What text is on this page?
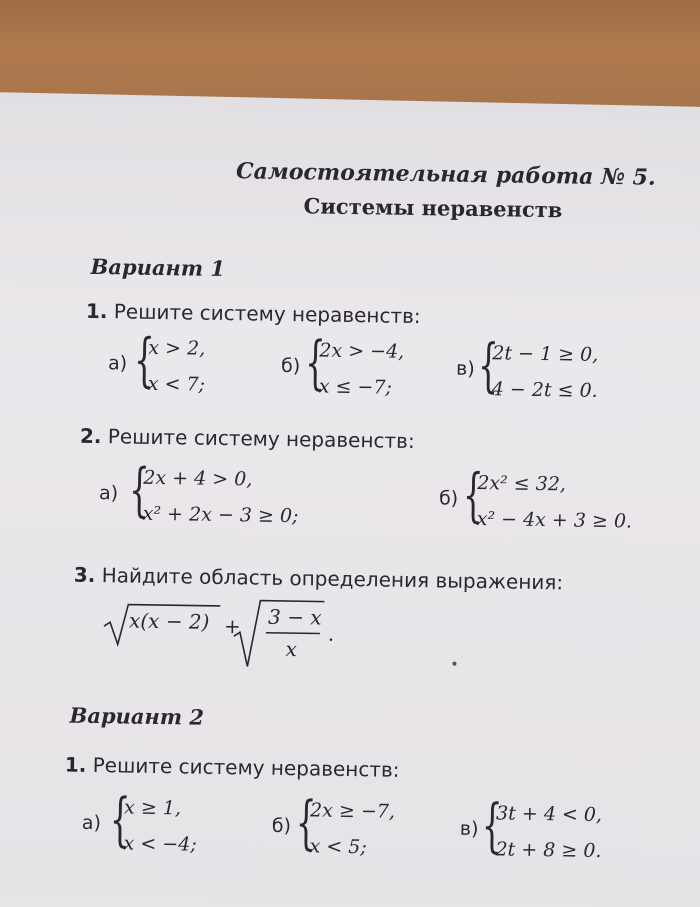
Самостоятельная работа № 5.
Системы неравенств
Вариант 1
1. Решите систему неравенств:
а) {
x > 2,
x < 7;
б) {
2x > −4,
x ≤ −7;
в) {
2t − 1 ≥ 0,
4 − 2t ≤ 0.
2. Решите систему неравенств:
а) {
2x + 4 > 0,
x² + 2x − 3 ≥ 0;
б) {
2x² ≤ 32,
x² − 4x + 3 ≥ 0.
3. Найдите область определения выражения:
x(x − 2) + 3 − x
x
.
Вариант 2
1. Решите систему неравенств:
а) {
x ≥ 1,
x < −4;
б) {
2x ≥ −7,
x < 5;
в) {
3t + 4 < 0,
2t + 8 ≥ 0.
